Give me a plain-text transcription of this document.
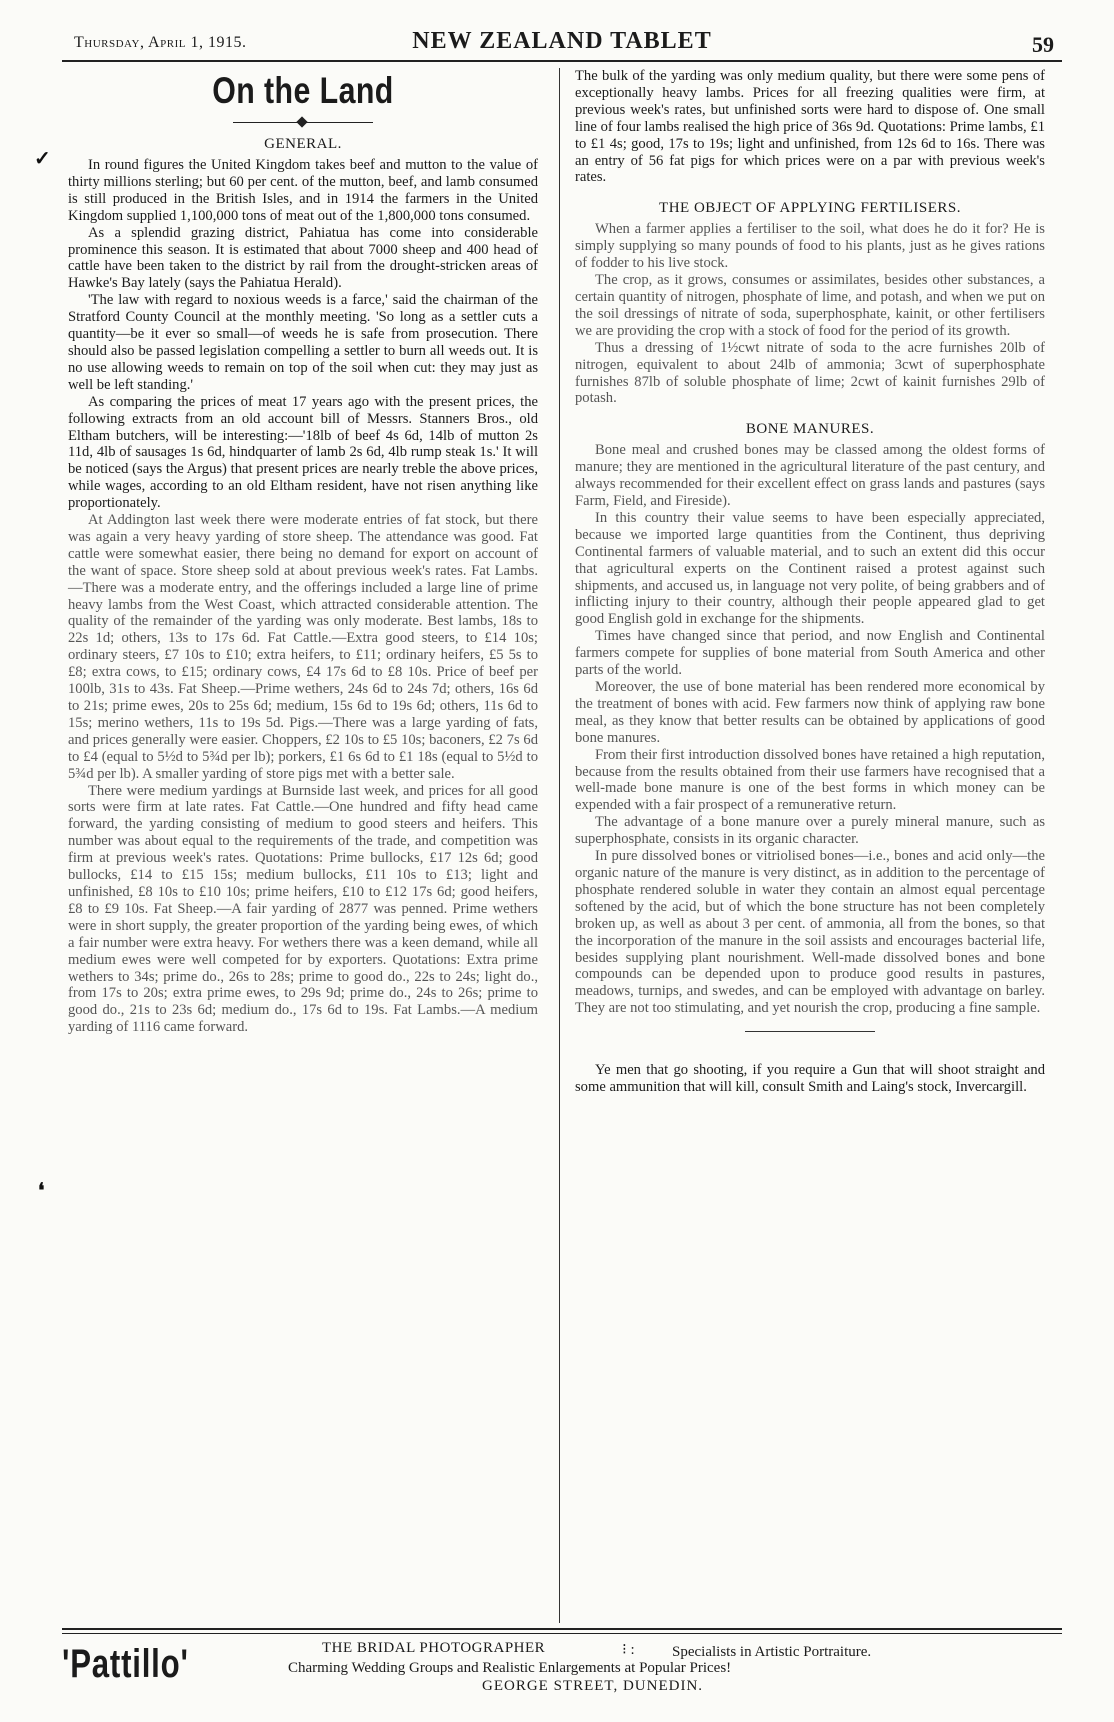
Thursday, April 1, 1915.	NEW ZEALAND TABLET	59
On the Land
GENERAL.

In round figures the United Kingdom takes beef and mutton to the value of thirty millions sterling; but 60 per cent. of the mutton, beef, and lamb consumed is still produced in the British Isles, and in 1914 the farmers in the United Kingdom supplied 1,100,000 tons of meat out of the 1,800,000 tons consumed.

As a splendid grazing district, Pahiatua has come into considerable prominence this season. It is estimated that about 7000 sheep and 400 head of cattle have been taken to the district by rail from the drought-stricken areas of Hawke's Bay lately (says the Pahiatua Herald).

'The law with regard to noxious weeds is a farce,' said the chairman of the Stratford County Council at the monthly meeting. 'So long as a settler cuts a quantity—be it ever so small—of weeds he is safe from prosecution. There should also be passed legislation compelling a settler to burn all weeds out. It is no use allowing weeds to remain on top of the soil when cut: they may just as well be left standing.'

As comparing the prices of meat 17 years ago with the present prices, the following extracts from an old account bill of Messrs. Stanners Bros., old Eltham butchers, will be interesting:—'18lb of beef 4s 6d, 14lb of mutton 2s 11d, 4lb of sausages 1s 6d, hindquarter of lamb 2s 6d, 4lb rump steak 1s.' It will be noticed (says the Argus) that present prices are nearly treble the above prices, while wages, according to an old Eltham resident, have not risen anything like proportionately.

At Addington last week there were moderate entries of fat stock, but there was again a very heavy yarding of store sheep. The attendance was good. Fat cattle were somewhat easier, there being no demand for export on account of the want of space. Store sheep sold at about previous week's rates. Fat Lambs.—There was a moderate entry, and the offerings included a large line of prime heavy lambs from the West Coast, which attracted considerable attention. The quality of the remainder of the yarding was only moderate. Best lambs, 18s to 22s 1d; others, 13s to 17s 6d. Fat Cattle.—Extra good steers, to £14 10s; ordinary steers, £7 10s to £10; extra heifers, to £11; ordinary heifers, £5 5s to £8; extra cows, to £15; ordinary cows, £4 17s 6d to £8 10s. Price of beef per 100lb, 31s to 43s. Fat Sheep.—Prime wethers, 24s 6d to 24s 7d; others, 16s 6d to 21s; prime ewes, 20s to 25s 6d; medium, 15s 6d to 19s 6d; others, 11s 6d to 15s; merino wethers, 11s to 19s 5d. Pigs.—There was a large yarding of fats, and prices generally were easier. Choppers, £2 10s to £5 10s; baconers, £2 7s 6d to £4 (equal to 5½d to 5¾d per lb); porkers, £1 6s 6d to £1 18s (equal to 5½d to 5¾d per lb). A smaller yarding of store pigs met with a better sale.

There were medium yardings at Burnside last week, and prices for all good sorts were firm at late rates. Fat Cattle.—One hundred and fifty head came forward, the yarding consisting of medium to good steers and heifers. This number was about equal to the requirements of the trade, and competition was firm at previous week's rates. Quotations: Prime bullocks, £17 12s 6d; good bullocks, £14 to £15 15s; medium bullocks, £11 10s to £13; light and unfinished, £8 10s to £10 10s; prime heifers, £10 to £12 17s 6d; good heifers, £8 to £9 10s. Fat Sheep.—A fair yarding of 2877 was penned. Prime wethers were in short supply, the greater proportion of the yarding being ewes, of which a fair number were extra heavy. For wethers there was a keen demand, while all medium ewes were well competed for by exporters. Quotations: Extra prime wethers to 34s; prime do., 26s to 28s; prime to good do., 22s to 24s; light do., from 17s to 20s; extra prime ewes, to 29s 9d; prime do., 24s to 26s; prime to good do., 21s to 23s 6d; medium do., 17s 6d to 19s. Fat Lambs.—A medium yarding of 1116 came forward.

The bulk of the yarding was only medium quality, but there were some pens of exceptionally heavy lambs. Prices for all freezing qualities were firm, at previous week's rates, but unfinished sorts were hard to dispose of. One small line of four lambs realised the high price of 36s 9d. Quotations: Prime lambs, £1 to £1 4s; good, 17s to 19s; light and unfinished, from 12s 6d to 16s. There was an entry of 56 fat pigs for which prices were on a par with previous week's rates.

THE OBJECT OF APPLYING FERTILISERS.

When a farmer applies a fertiliser to the soil, what does he do it for? He is simply supplying so many pounds of food to his plants, just as he gives rations of fodder to his live stock.

The crop, as it grows, consumes or assimilates, besides other substances, a certain quantity of nitrogen, phosphate of lime, and potash, and when we put on the soil dressings of nitrate of soda, superphosphate, kainit, or other fertilisers we are providing the crop with a stock of food for the period of its growth.

Thus a dressing of 1½cwt nitrate of soda to the acre furnishes 20lb of nitrogen, equivalent to about 24lb of ammonia; 3cwt of superphosphate furnishes 87lb of soluble phosphate of lime; 2cwt of kainit furnishes 29lb of potash.

BONE MANURES.

Bone meal and crushed bones may be classed among the oldest forms of manure; they are mentioned in the agricultural literature of the past century, and always recommended for their excellent effect on grass lands and pastures (says Farm, Field, and Fireside).

In this country their value seems to have been especially appreciated, because we imported large quantities from the Continent, thus depriving Continental farmers of valuable material, and to such an extent did this occur that agricultural experts on the Continent raised a protest against such shipments, and accused us, in language not very polite, of being grabbers and of inflicting injury to their country, although their people appeared glad to get good English gold in exchange for the shipments.

Times have changed since that period, and now English and Continental farmers compete for supplies of bone material from South America and other parts of the world.

Moreover, the use of bone material has been rendered more economical by the treatment of bones with acid. Few farmers now think of applying raw bone meal, as they know that better results can be obtained by applications of good bone manures.

From their first introduction dissolved bones have retained a high reputation, because from the results obtained from their use farmers have recognised that a well-made bone manure is one of the best forms in which money can be expended with a fair prospect of a remunerative return.

The advantage of a bone manure over a purely mineral manure, such as superphosphate, consists in its organic character.

In pure dissolved bones or vitriolised bones—i.e., bones and acid only—the organic nature of the manure is very distinct, as in addition to the percentage of phosphate rendered soluble in water they contain an almost equal percentage softened by the acid, but of which the bone structure has not been completely broken up, as well as about 3 per cent. of ammonia, all from the bones, so that the incorporation of the manure in the soil assists and encourages bacterial life, besides supplying plant nourishment. Well-made dissolved bones and bone compounds can be depended upon to produce good results in pastures, meadows, turnips, and swedes, and can be employed with advantage on barley. They are not too stimulating, and yet nourish the crop, producing a fine sample.

Ye men that go shooting, if you require a Gun that will shoot straight and some ammunition that will kill, consult Smith and Laing's stock, Invercargill.

'Pattillo'	THE BRIDAL PHOTOGRAPHER	⁝ : Specialists in Artistic Portraiture.
Charming Wedding Groups and Realistic Enlargements at Popular Prices!
GEORGE STREET, DUNEDIN.
✓
❛
